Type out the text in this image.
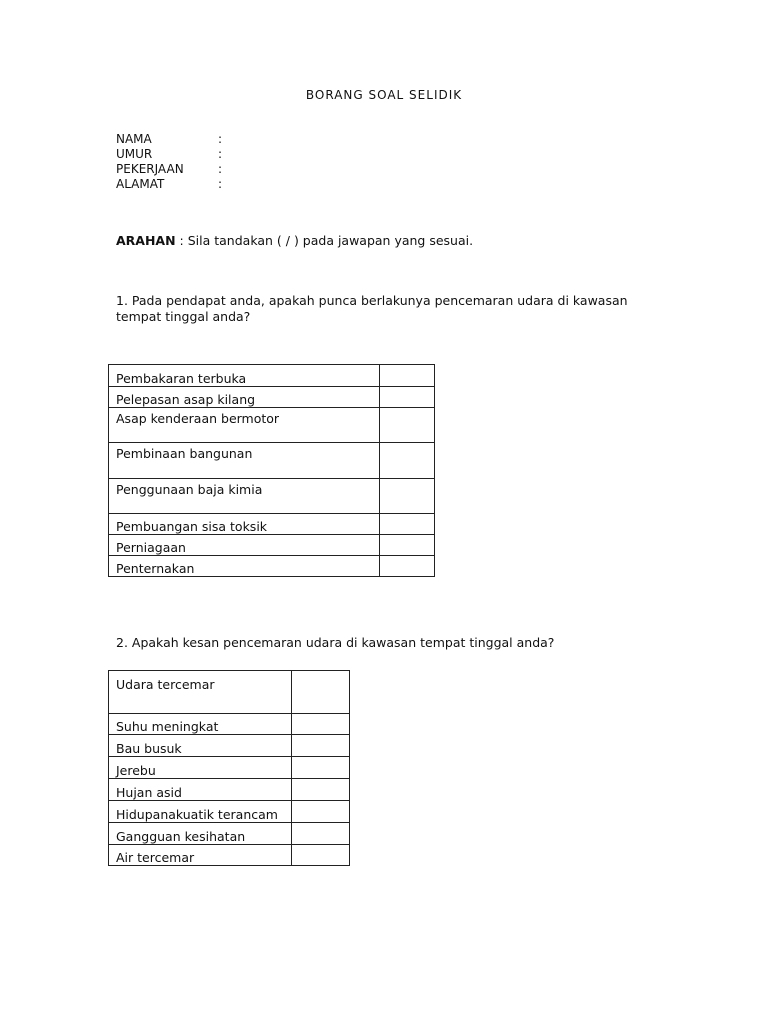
BORANG SOAL SELIDIK
NAMA	:
UMUR	:
PEKERJAAN	:
ALAMAT	:
ARAHAN : Sila tandakan ( / ) pada jawapan yang sesuai.
1. Pada pendapat anda, apakah punca berlakunya pencemaran udara di kawasan tempat tinggal anda?
Pembakaran terbuka	
Pelepasan asap kilang	
Asap kenderaan bermotor	
Pembinaan bangunan	
Penggunaan baja kimia	
Pembuangan sisa toksik	
Perniagaan	
Penternakan	
2. Apakah kesan pencemaran udara di kawasan tempat tinggal anda?
Udara tercemar	
Suhu meningkat	
Bau busuk	
Jerebu	
Hujan asid	
Hidupanakuatik terancam	
Gangguan kesihatan	
Air tercemar	
